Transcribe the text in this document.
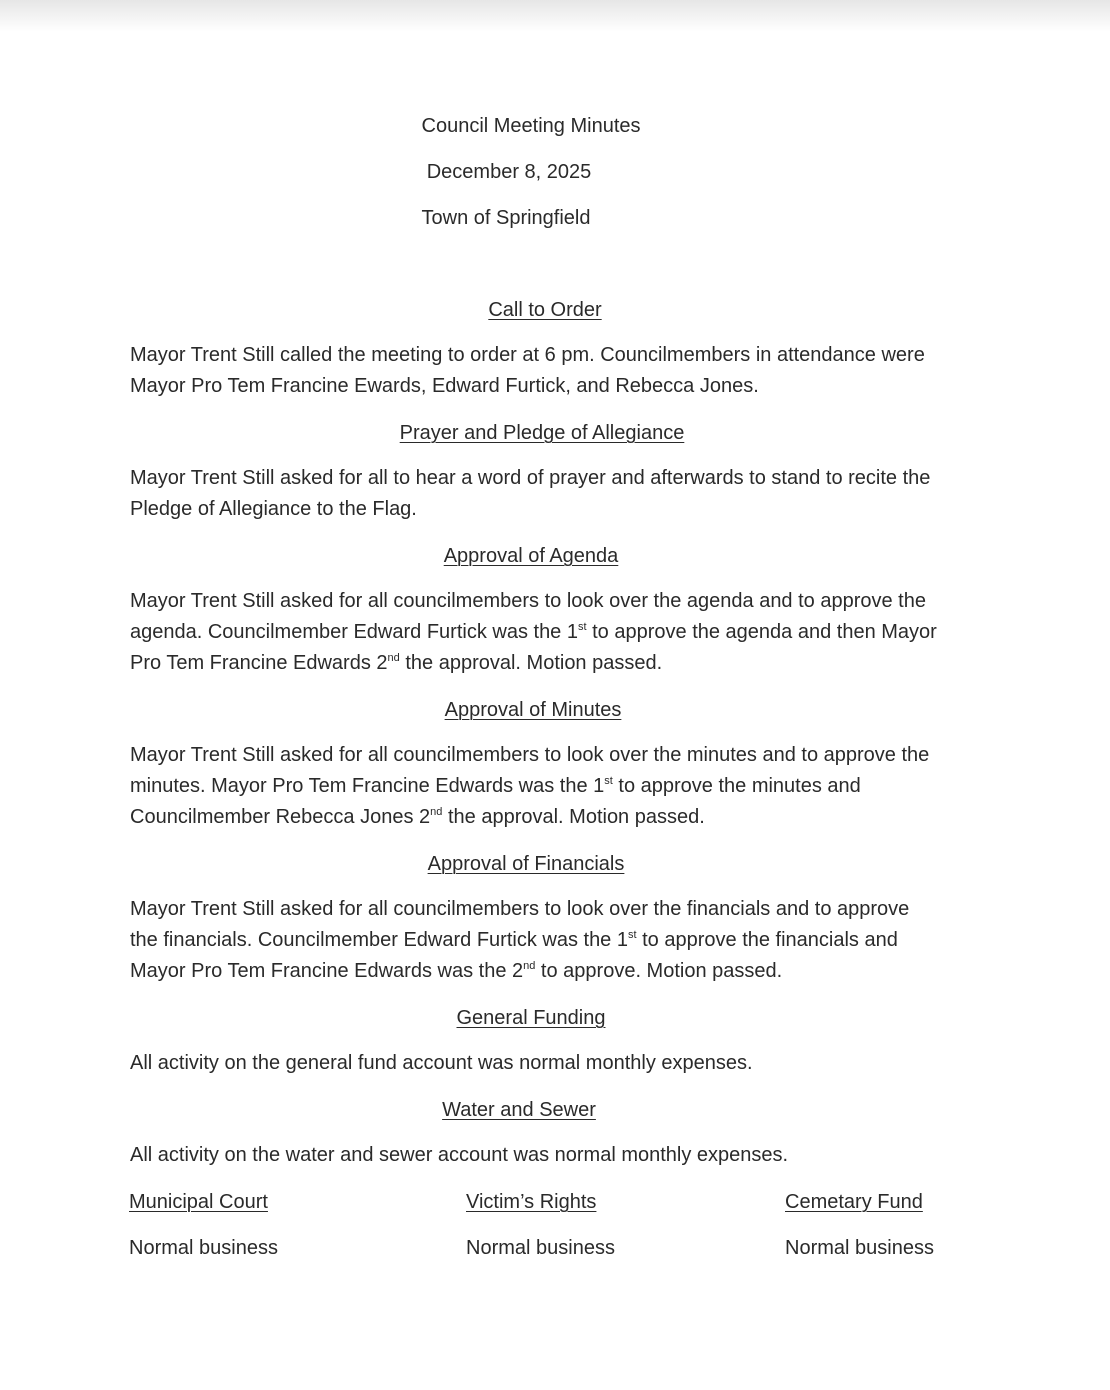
Council Meeting Minutes

December 8, 2025

Town of Springfield

Call to Order

Mayor Trent Still called the meeting to order at 6 pm. Councilmembers in attendance were
Mayor Pro Tem Francine Ewards, Edward Furtick, and Rebecca Jones.

Prayer and Pledge of Allegiance

Mayor Trent Still asked for all to hear a word of prayer and afterwards to stand to recite the
Pledge of Allegiance to the Flag.

Approval of Agenda

Mayor Trent Still asked for all councilmembers to look over the agenda and to approve the
agenda. Councilmember Edward Furtick was the 1st to approve the agenda and then Mayor
Pro Tem Francine Edwards 2nd the approval. Motion passed.

Approval of Minutes

Mayor Trent Still asked for all councilmembers to look over the minutes and to approve the
minutes. Mayor Pro Tem Francine Edwards was the 1st to approve the minutes and
Councilmember Rebecca Jones 2nd the approval. Motion passed.

Approval of Financials

Mayor Trent Still asked for all councilmembers to look over the financials and to approve
the financials. Councilmember Edward Furtick was the 1st to approve the financials and
Mayor Pro Tem Francine Edwards was the 2nd to approve. Motion passed.

General Funding

All activity on the general fund account was normal monthly expenses.

Water and Sewer

All activity on the water and sewer account was normal monthly expenses.

Municipal Court	Victim’s Rights	Cemetary Fund

Normal business	Normal business	Normal business
